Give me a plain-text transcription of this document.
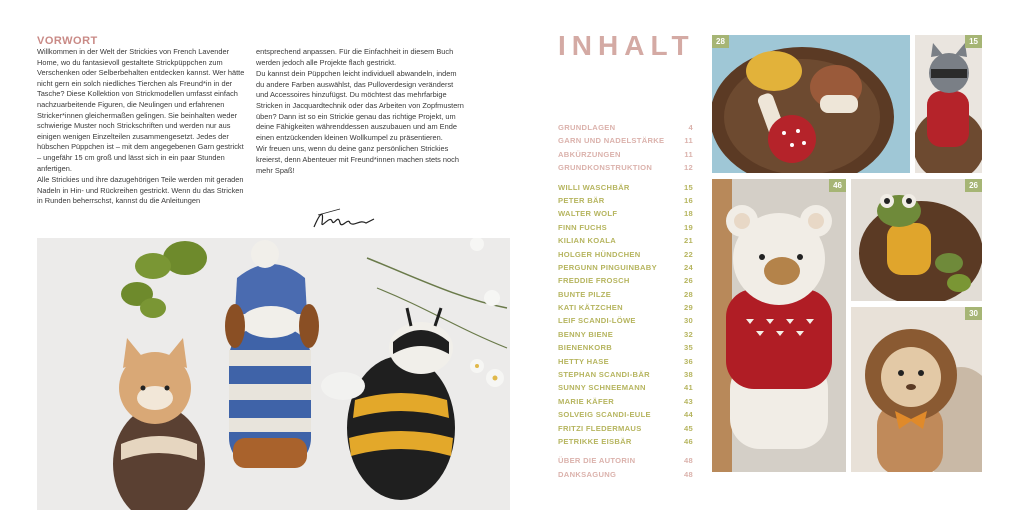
VORWORT

Willkommen in der Welt der Strickies von French Lavender Home, wo du fantasievoll gestaltete Strickpüppchen zum Verschenken oder Selberbehalten entdecken kannst. Wer hätte nicht gern ein solch niedliches Tierchen als Freund*in in der Tasche? Diese Kollektion von Strickmodellen umfasst einfach nachzuarbeitende Figuren, die Neulingen und erfahrenen Stricker*innen gleichermaßen gelingen. Sie beinhalten weder schwierige Muster noch Strickschriften und werden nur aus einigen wenigen Einzelteilen zusammengesetzt. Jedes der hübschen Püppchen ist – mit dem angegebenen Garn gestrickt – ungefähr 15 cm groß und lässt sich in ein paar Stunden anfertigen.

Alle Strickies und ihre dazugehörigen Teile werden mit geraden Nadeln in Hin- und Rückreihen gestrickt. Wenn du das Stricken in Runden beherrschst, kannst du die Anleitungen

entsprechend anpassen. Für die Einfachheit in diesem Buch werden jedoch alle Projekte flach gestrickt.

Du kannst dein Püppchen leicht individuell abwandeln, indem du andere Farben auswählst, das Pulloverdesign veränderst und Accessoires hinzufügst. Du möchtest das mehrfarbige Stricken in Jacquardtechnik oder das Arbeiten von Zopfmustern üben? Dann ist so ein Strickie genau das richtige Projekt, um deine Fähigkeiten währenddessen auszubauen und am Ende einen entzückenden kleinen Wollkumpel zu präsentieren.

Wir freuen uns, wenn du deine ganz persönlichen Strickies kreierst, denn Abenteuer mit Freund*innen machen stets noch mehr Spaß!

INHALT
GRUNDLAGEN	4
GARN UND NADELSTÄRKE	11
ABKÜRZUNGEN	11
GRUNDKONSTRUKTION	12
WILLI WASCHBÄR	15
PETER BÄR	16
WALTER WOLF	18
FINN FUCHS	19
KILIAN KOALA	21
HOLGER HÜNDCHEN	22
PERGUNN PINGUINBABY	24
FREDDIE FROSCH	26
BUNTE PILZE	28
KATI KÄTZCHEN	29
LEIF SCANDI-LÖWE	30
BENNY BIENE	32
BIENENKORB	35
HETTY HASE	36
STEPHAN SCANDI-BÄR	38
SUNNY SCHNEEMANN	41
MARIE KÄFER	43
SOLVEIG SCANDI-EULE	44
FRITZI FLEDERMAUS	45
PETRIKKE EISBÄR	46
ÜBER DIE AUTORIN	48
DANKSAGUNG	48
28	15
46	26
30
